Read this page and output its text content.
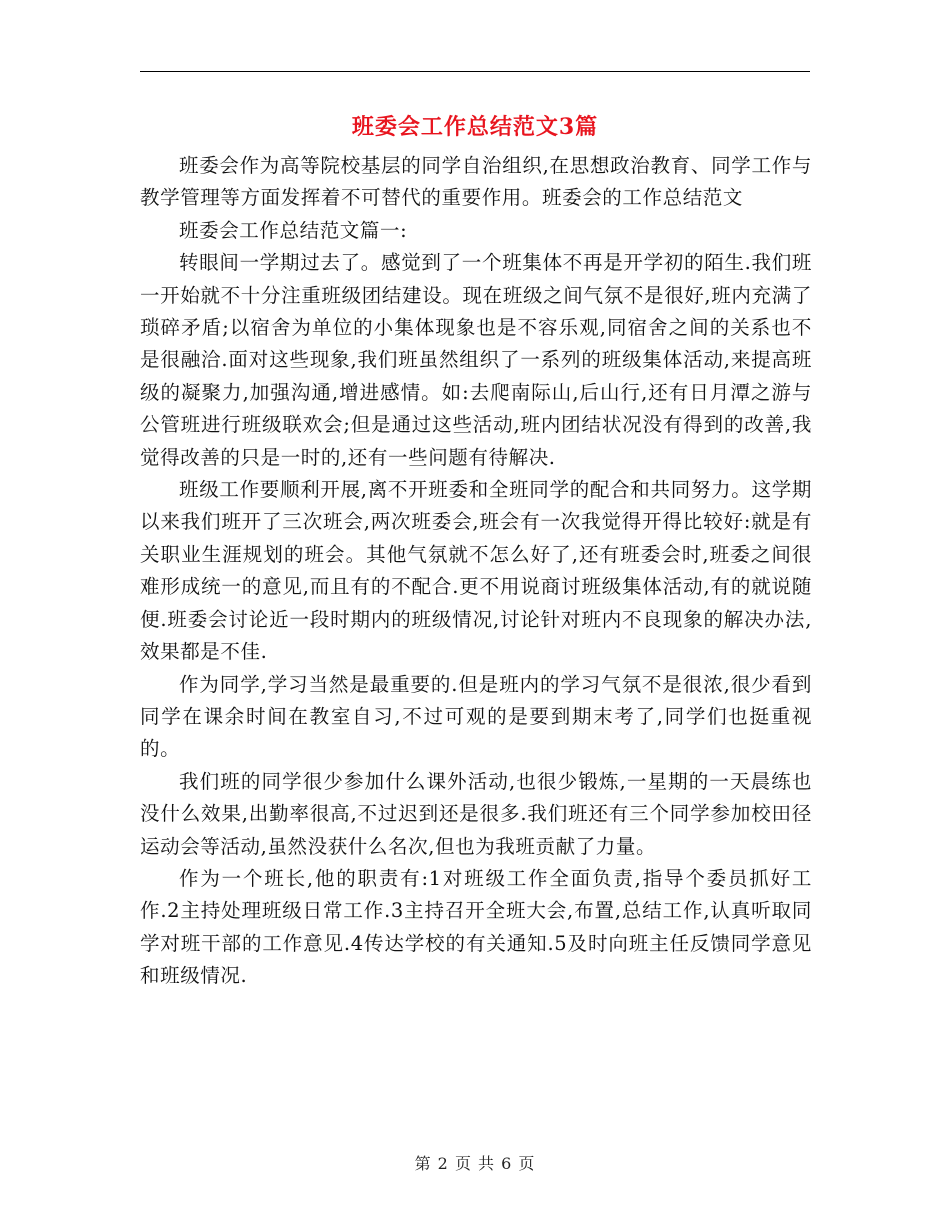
班委会工作总结范文3篇

班委会作为高等院校基层的同学自治组织,在思想政治教育、同学工作与教学管理等方面发挥着不可替代的重要作用。班委会的工作总结范文

班委会工作总结范文篇一:

转眼间一学期过去了。感觉到了一个班集体不再是开学初的陌生.我们班一开始就不十分注重班级团结建设。现在班级之间气氛不是很好,班内充满了琐碎矛盾;以宿舍为单位的小集体现象也是不容乐观,同宿舍之间的关系也不是很融洽.面对这些现象,我们班虽然组织了一系列的班级集体活动,来提高班级的凝聚力,加强沟通,增进感情。如:去爬南际山,后山行,还有日月潭之游与公管班进行班级联欢会;但是通过这些活动,班内团结状况没有得到的改善,我觉得改善的只是一时的,还有一些问题有待解决.

班级工作要顺利开展,离不开班委和全班同学的配合和共同努力。这学期以来我们班开了三次班会,两次班委会,班会有一次我觉得开得比较好:就是有关职业生涯规划的班会。其他气氛就不怎么好了,还有班委会时,班委之间很难形成统一的意见,而且有的不配合.更不用说商讨班级集体活动,有的就说随便.班委会讨论近一段时期内的班级情况,讨论针对班内不良现象的解决办法,效果都是不佳.

作为同学,学习当然是最重要的.但是班内的学习气氛不是很浓,很少看到同学在课余时间在教室自习,不过可观的是要到期末考了,同学们也挺重视的。

我们班的同学很少参加什么课外活动,也很少锻炼,一星期的一天晨练也没什么效果,出勤率很高,不过迟到还是很多.我们班还有三个同学参加校田径运动会等活动,虽然没获什么名次,但也为我班贡献了力量。

作为一个班长,他的职责有:1对班级工作全面负责,指导个委员抓好工作.2主持处理班级日常工作.3主持召开全班大会,布置,总结工作,认真听取同学对班干部的工作意见.4传达学校的有关通知.5及时向班主任反馈同学意见和班级情况.

第 2 页 共 6 页
